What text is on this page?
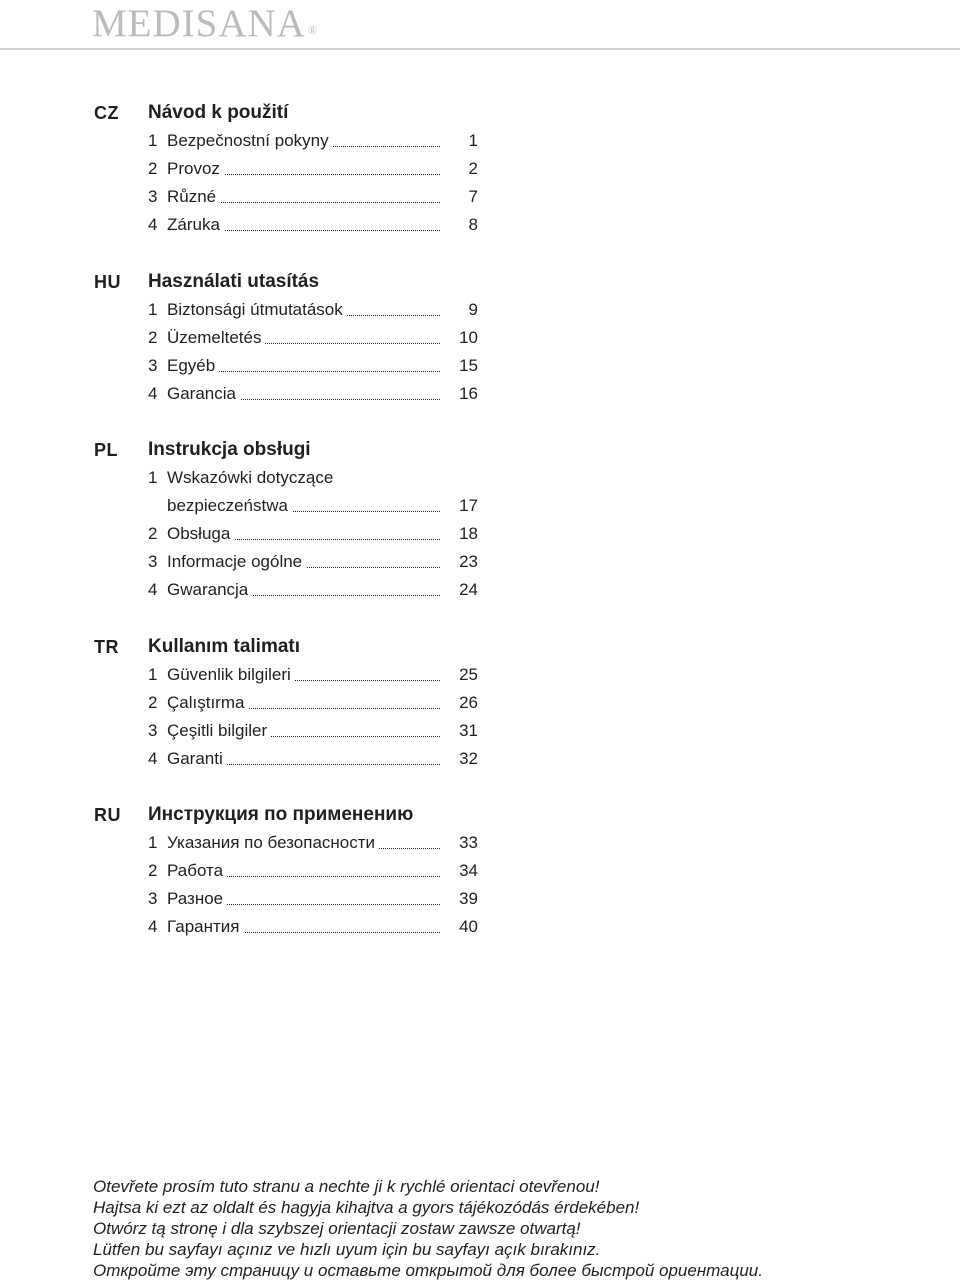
MEDISANA ®
CZ Návod k použití
1 Bezpečnostní pokyny	1
2 Provoz	2
3 Různé	7
4 Záruka	8
HU Használati utasítás
1 Biztonsági útmutatások	9
2 Üzemeltetés	10
3 Egyéb	15
4 Garancia	16
PL Instrukcja obsługi
1 Wskazówki dotyczące
bezpieczeństwa	17
2 Obsługa	18
3 Informacje ogólne	23
4 Gwarancja	24
TR Kullanım talimatı
1 Güvenlik bilgileri	25
2 Çalıştırma	26
3 Çeşitli bilgiler	31
4 Garanti	32
RU Инструкция по применению
1 Указания по безопасности	33
2 Работа	34
3 Разное	39
4 Гарантия	40
Otevřete prosím tuto stranu a nechte ji k rychlé orientaci otevřenou!
Hajtsa ki ezt az oldalt és hagyja kihajtva a gyors tájékozódás érdekében!
Otwórz tą stronę i dla szybszej orientacji zostaw zawsze otwartą!
Lütfen bu sayfayı açınız ve hızlı uyum için bu sayfayı açık bırakınız.
Откройте эту страницу и оставьте открытой для более быстрой ориентации.
